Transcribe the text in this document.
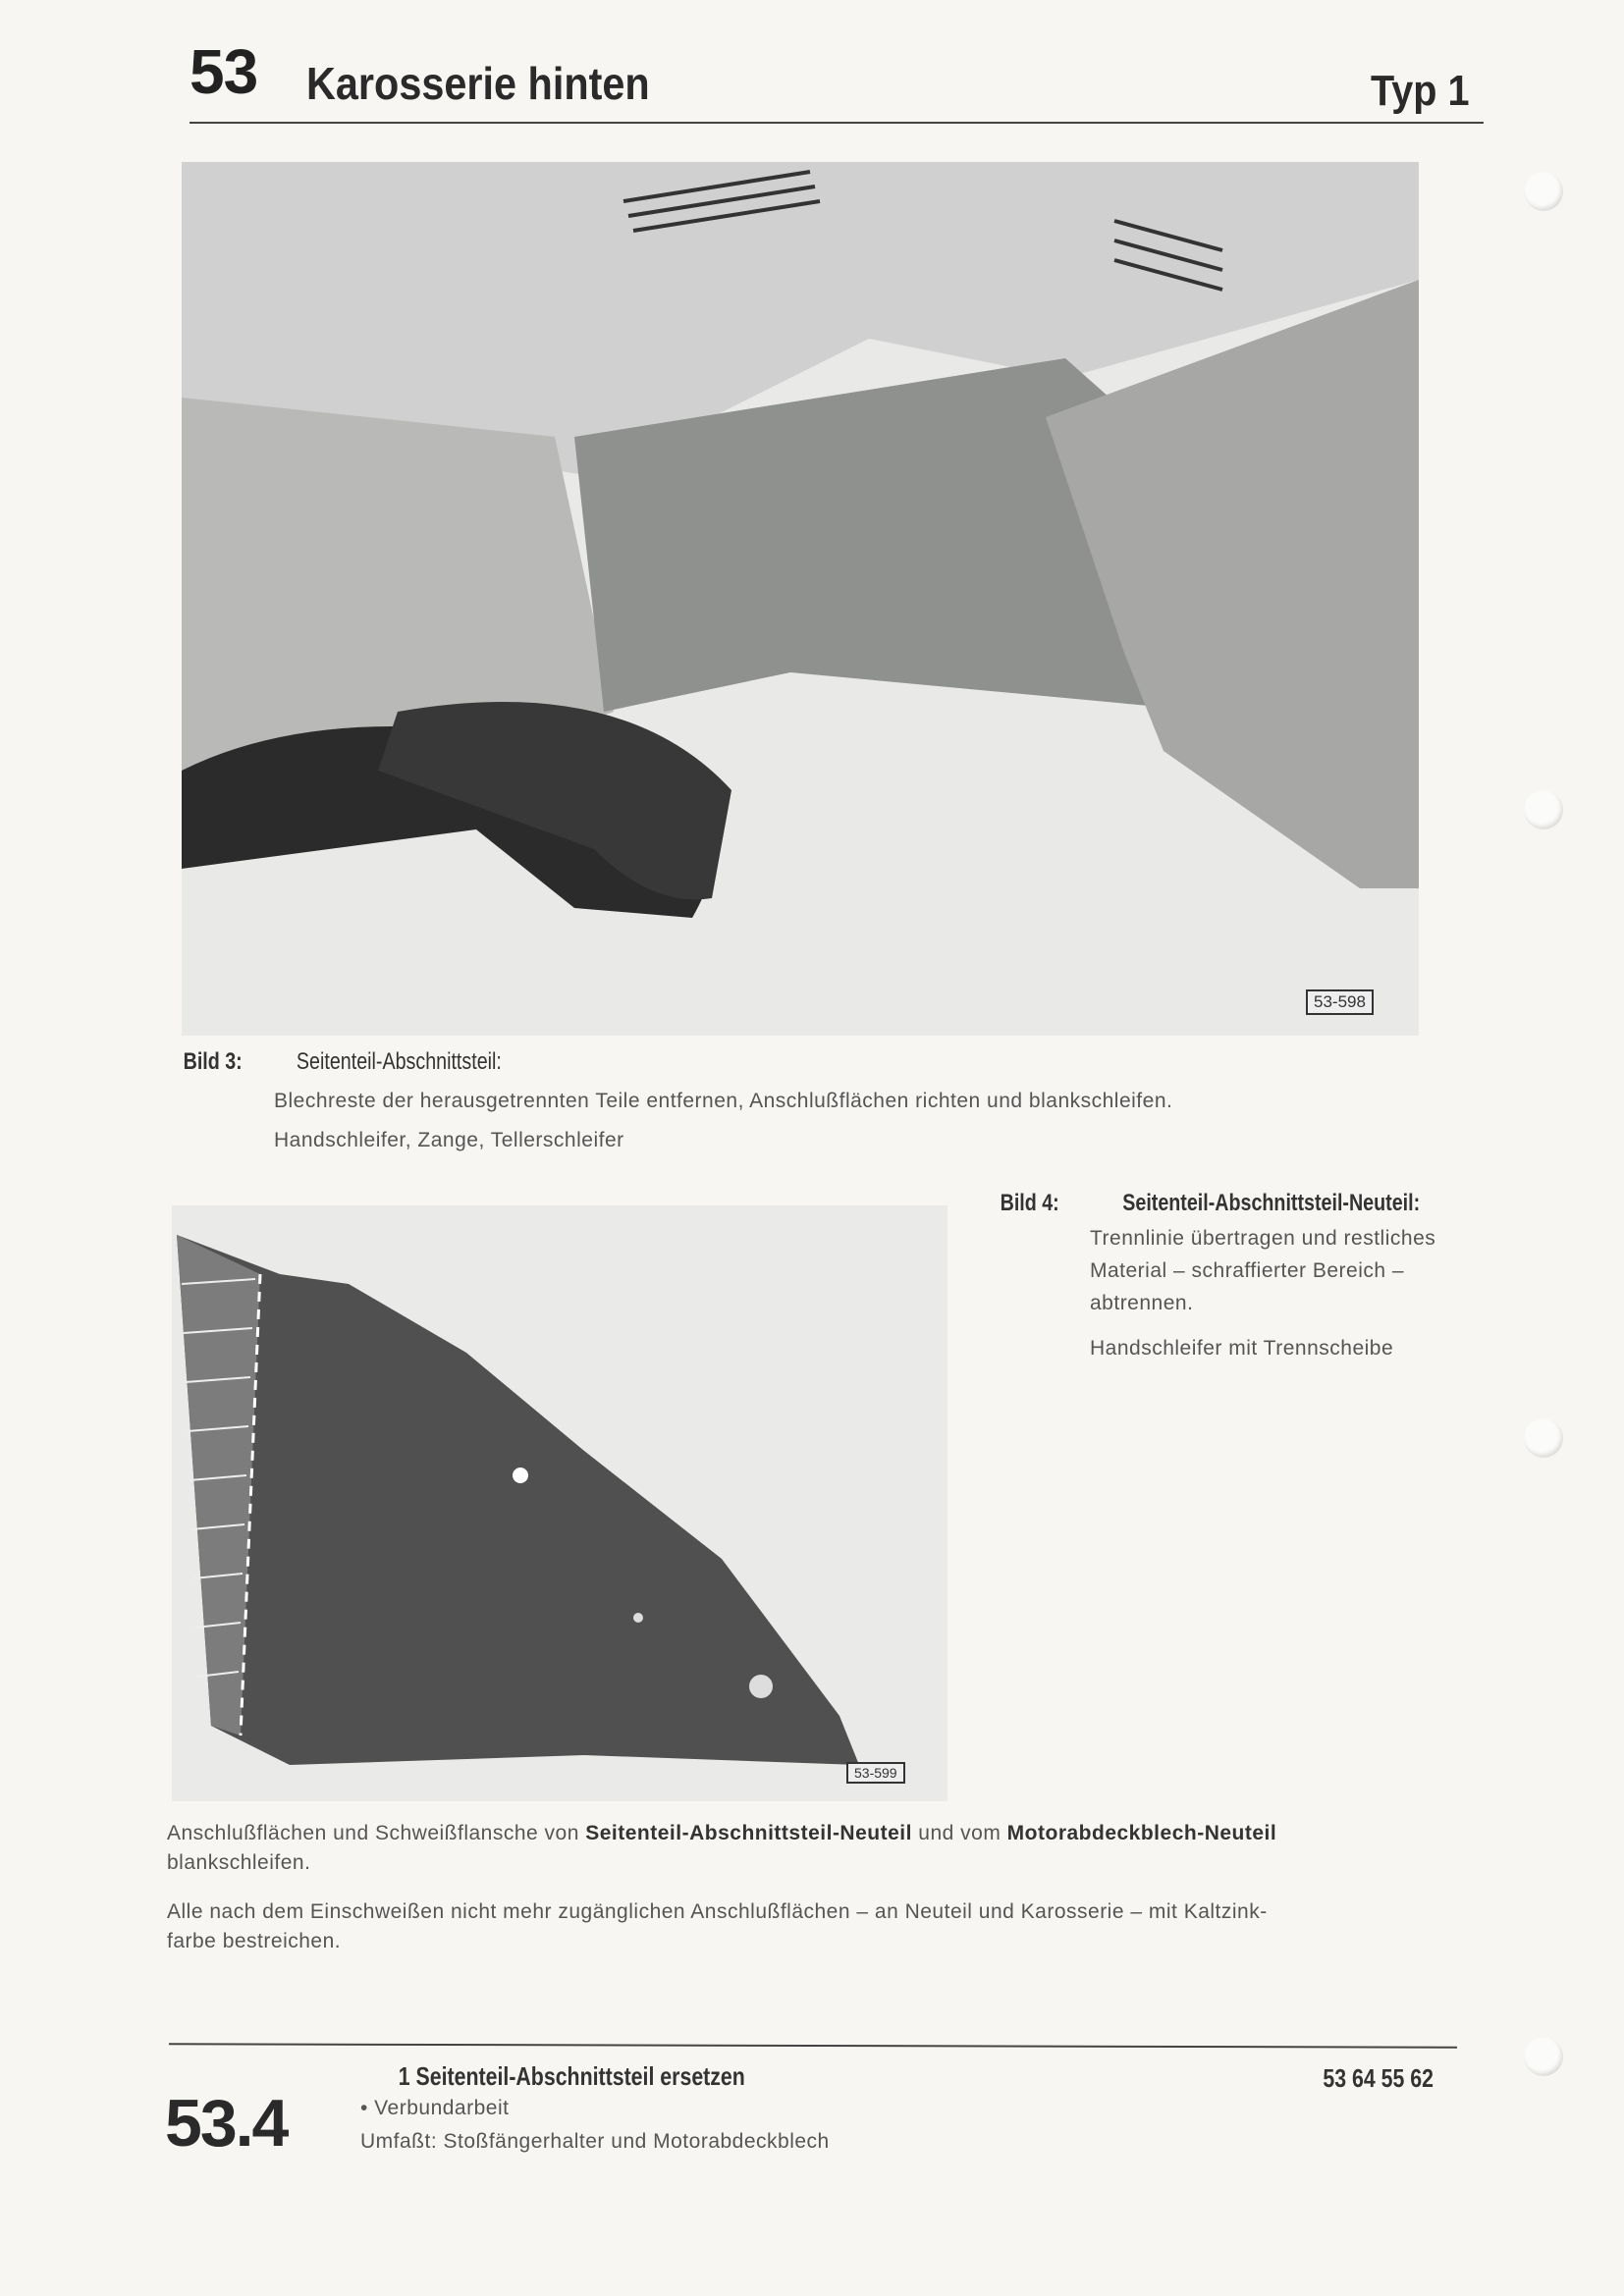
53 Karosserie hinten	Typ 1
53-598
Bild 3: Seitenteil-Abschnittsteil:
Blechreste der herausgetrennten Teile entfernen, Anschlußflächen richten und blankschleifen.
Handschleifer, Zange, Tellerschleifer
53-599
Bild 4:	Seitenteil-Abschnittsteil-Neuteil:
Trennlinie übertragen und restliches
Material – schraffierter Bereich –
abtrennen.
Handschleifer mit Trennscheibe
Anschlußflächen und Schweißflansche von Seitenteil-Abschnittsteil-Neuteil und vom Motorabdeckblech-Neuteil
blankschleifen.
Alle nach dem Einschweißen nicht mehr zugänglichen Anschlußflächen – an Neuteil und Karosserie – mit Kaltzink-
farbe bestreichen.
53.4
1 Seitenteil-Abschnittsteil ersetzen
• Verbundarbeit
Umfaßt: Stoßfängerhalter und Motorabdeckblech
53 64 55 62
